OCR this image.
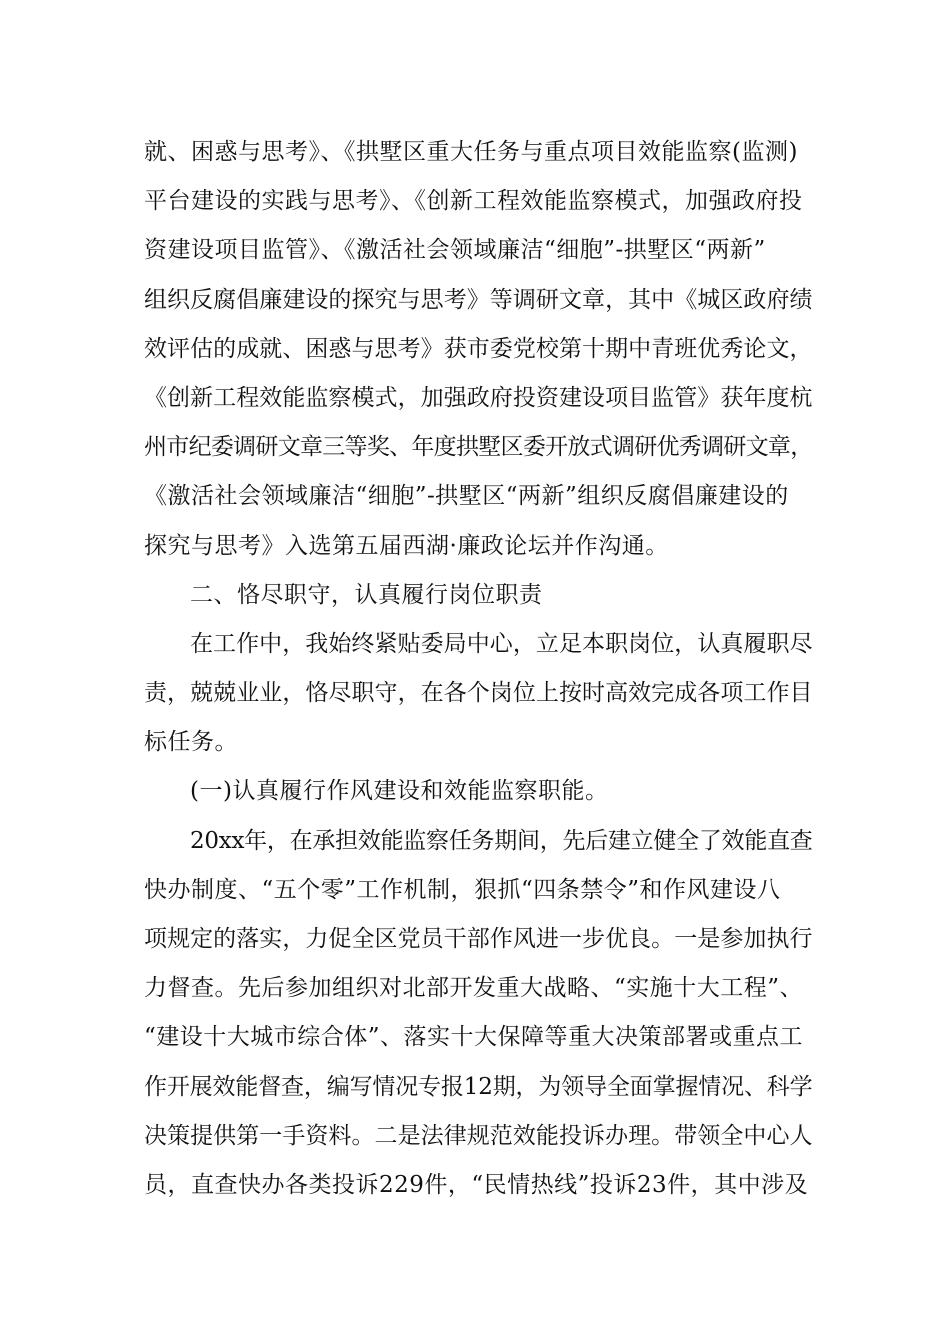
就、困惑与思考》、《拱墅区重大任务与重点项目效能监察(监测)
平台建设的实践与思考》、《创新工程效能监察模式，加强政府投
资建设项目监管》、《激活社会领域廉洁“细胞”-拱墅区“两新”
组织反腐倡廉建设的探究与思考》等调研文章，其中《城区政府绩
效评估的成就、困惑与思考》获市委党校第十期中青班优秀论文，
《创新工程效能监察模式，加强政府投资建设项目监管》获年度杭
州市纪委调研文章三等奖、年度拱墅区委开放式调研优秀调研文章，
《激活社会领域廉洁“细胞”-拱墅区“两新”组织反腐倡廉建设的
探究与思考》入选第五届西湖·廉政论坛并作沟通。
二、恪尽职守，认真履行岗位职责
在工作中，我始终紧贴委局中心，立足本职岗位，认真履职尽
责，兢兢业业，恪尽职守，在各个岗位上按时高效完成各项工作目
标任务。
(一)认真履行作风建设和效能监察职能。
20xx年，在承担效能监察任务期间，先后建立健全了效能直查
快办制度、“五个零”工作机制，狠抓“四条禁令”和作风建设八
项规定的落实，力促全区党员干部作风进一步优良。一是参加执行
力督查。先后参加组织对北部开发重大战略、“实施十大工程”、
“建设十大城市综合体”、落实十大保障等重大决策部署或重点工
作开展效能督查，编写情况专报12期，为领导全面掌握情况、科学
决策提供第一手资料。二是法律规范效能投诉办理。带领全中心人
员，直查快办各类投诉229件，“民情热线”投诉23件，其中涉及
